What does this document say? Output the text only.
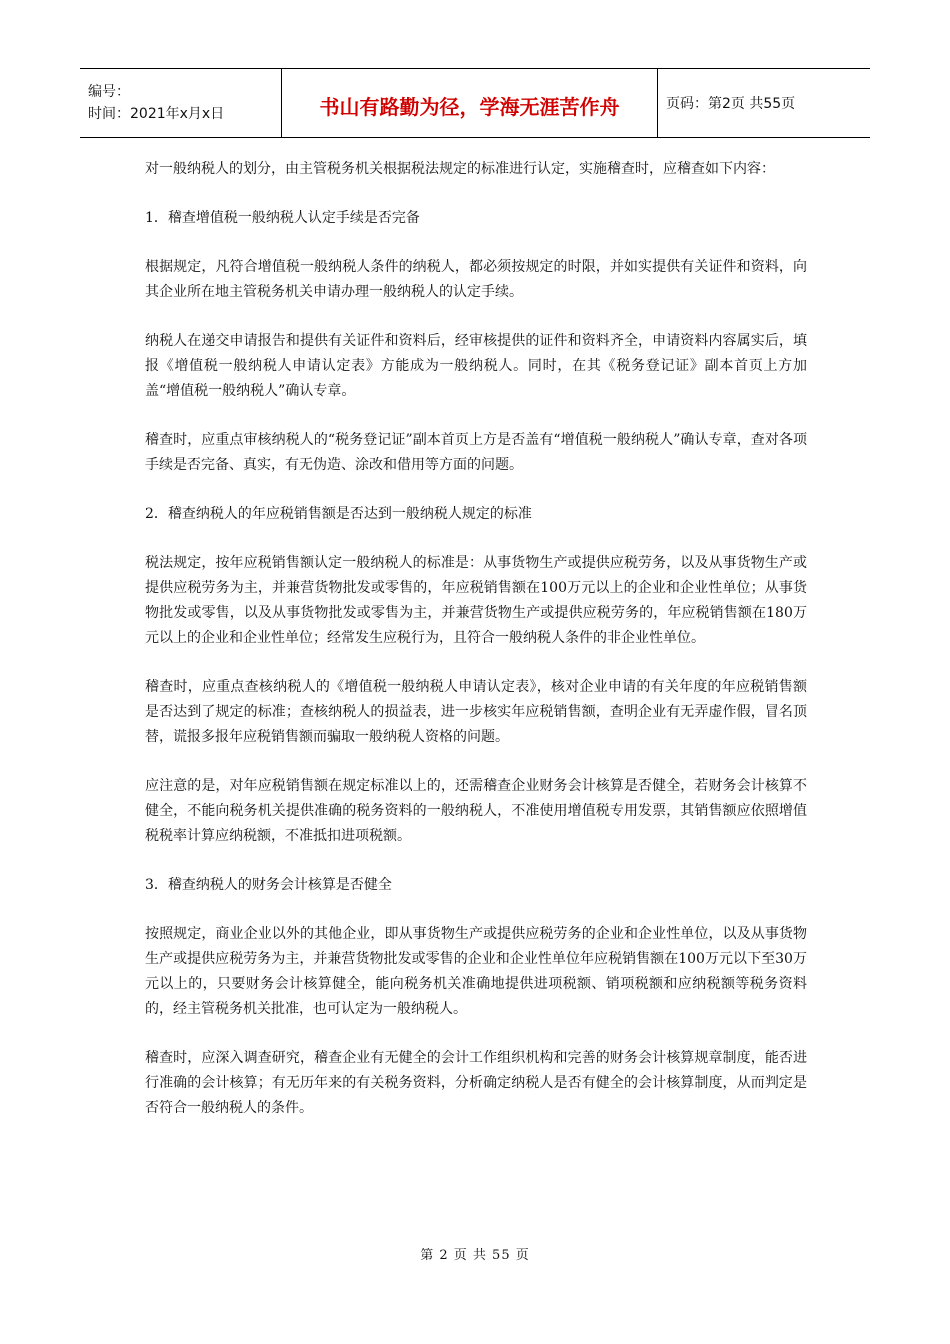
编号：
时间：2021年x月x日	书山有路勤为径，学海无涯苦作舟	页码：第2页 共55页

对一般纳税人的划分，由主管税务机关根据税法规定的标准进行认定，实施稽查时，应稽查如下内容：

1．稽查增值税一般纳税人认定手续是否完备

根据规定，凡符合增值税一般纳税人条件的纳税人，都必须按规定的时限，并如实提供有关证件和资料，向其企业所在地主管税务机关申请办理一般纳税人的认定手续。

纳税人在递交申请报告和提供有关证件和资料后，经审核提供的证件和资料齐全，申请资料内容属实后，填报《增值税一般纳税人申请认定表》方能成为一般纳税人。同时，在其《税务登记证》副本首页上方加盖“增值税一般纳税人”确认专章。

稽查时，应重点审核纳税人的“税务登记证”副本首页上方是否盖有“增值税一般纳税人”确认专章，查对各项手续是否完备、真实，有无伪造、涂改和借用等方面的问题。

2．稽查纳税人的年应税销售额是否达到一般纳税人规定的标准

税法规定，按年应税销售额认定一般纳税人的标准是：从事货物生产或提供应税劳务，以及从事货物生产或提供应税劳务为主，并兼营货物批发或零售的，年应税销售额在100万元以上的企业和企业性单位；从事货物批发或零售，以及从事货物批发或零售为主，并兼营货物生产或提供应税劳务的，年应税销售额在180万元以上的企业和企业性单位；经常发生应税行为，且符合一般纳税人条件的非企业性单位。

稽查时，应重点查核纳税人的《增值税一般纳税人申请认定表》，核对企业申请的有关年度的年应税销售额是否达到了规定的标准；查核纳税人的损益表，进一步核实年应税销售额，查明企业有无弄虚作假，冒名顶替，谎报多报年应税销售额而骗取一般纳税人资格的问题。

应注意的是，对年应税销售额在规定标准以上的，还需稽查企业财务会计核算是否健全，若财务会计核算不健全，不能向税务机关提供准确的税务资料的一般纳税人，不准使用增值税专用发票，其销售额应依照增值税税率计算应纳税额，不准抵扣进项税额。

3．稽查纳税人的财务会计核算是否健全

按照规定，商业企业以外的其他企业，即从事货物生产或提供应税劳务的企业和企业性单位，以及从事货物生产或提供应税劳务为主，并兼营货物批发或零售的企业和企业性单位年应税销售额在100万元以下至30万元以上的，只要财务会计核算健全，能向税务机关准确地提供进项税额、销项税额和应纳税额等税务资料的，经主管税务机关批准，也可认定为一般纳税人。

稽查时，应深入调查研究，稽查企业有无健全的会计工作组织机构和完善的财务会计核算规章制度，能否进行准确的会计核算；有无历年来的有关税务资料，分析确定纳税人是否有健全的会计核算制度，从而判定是否符合一般纳税人的条件。

第 2 页 共 55 页
